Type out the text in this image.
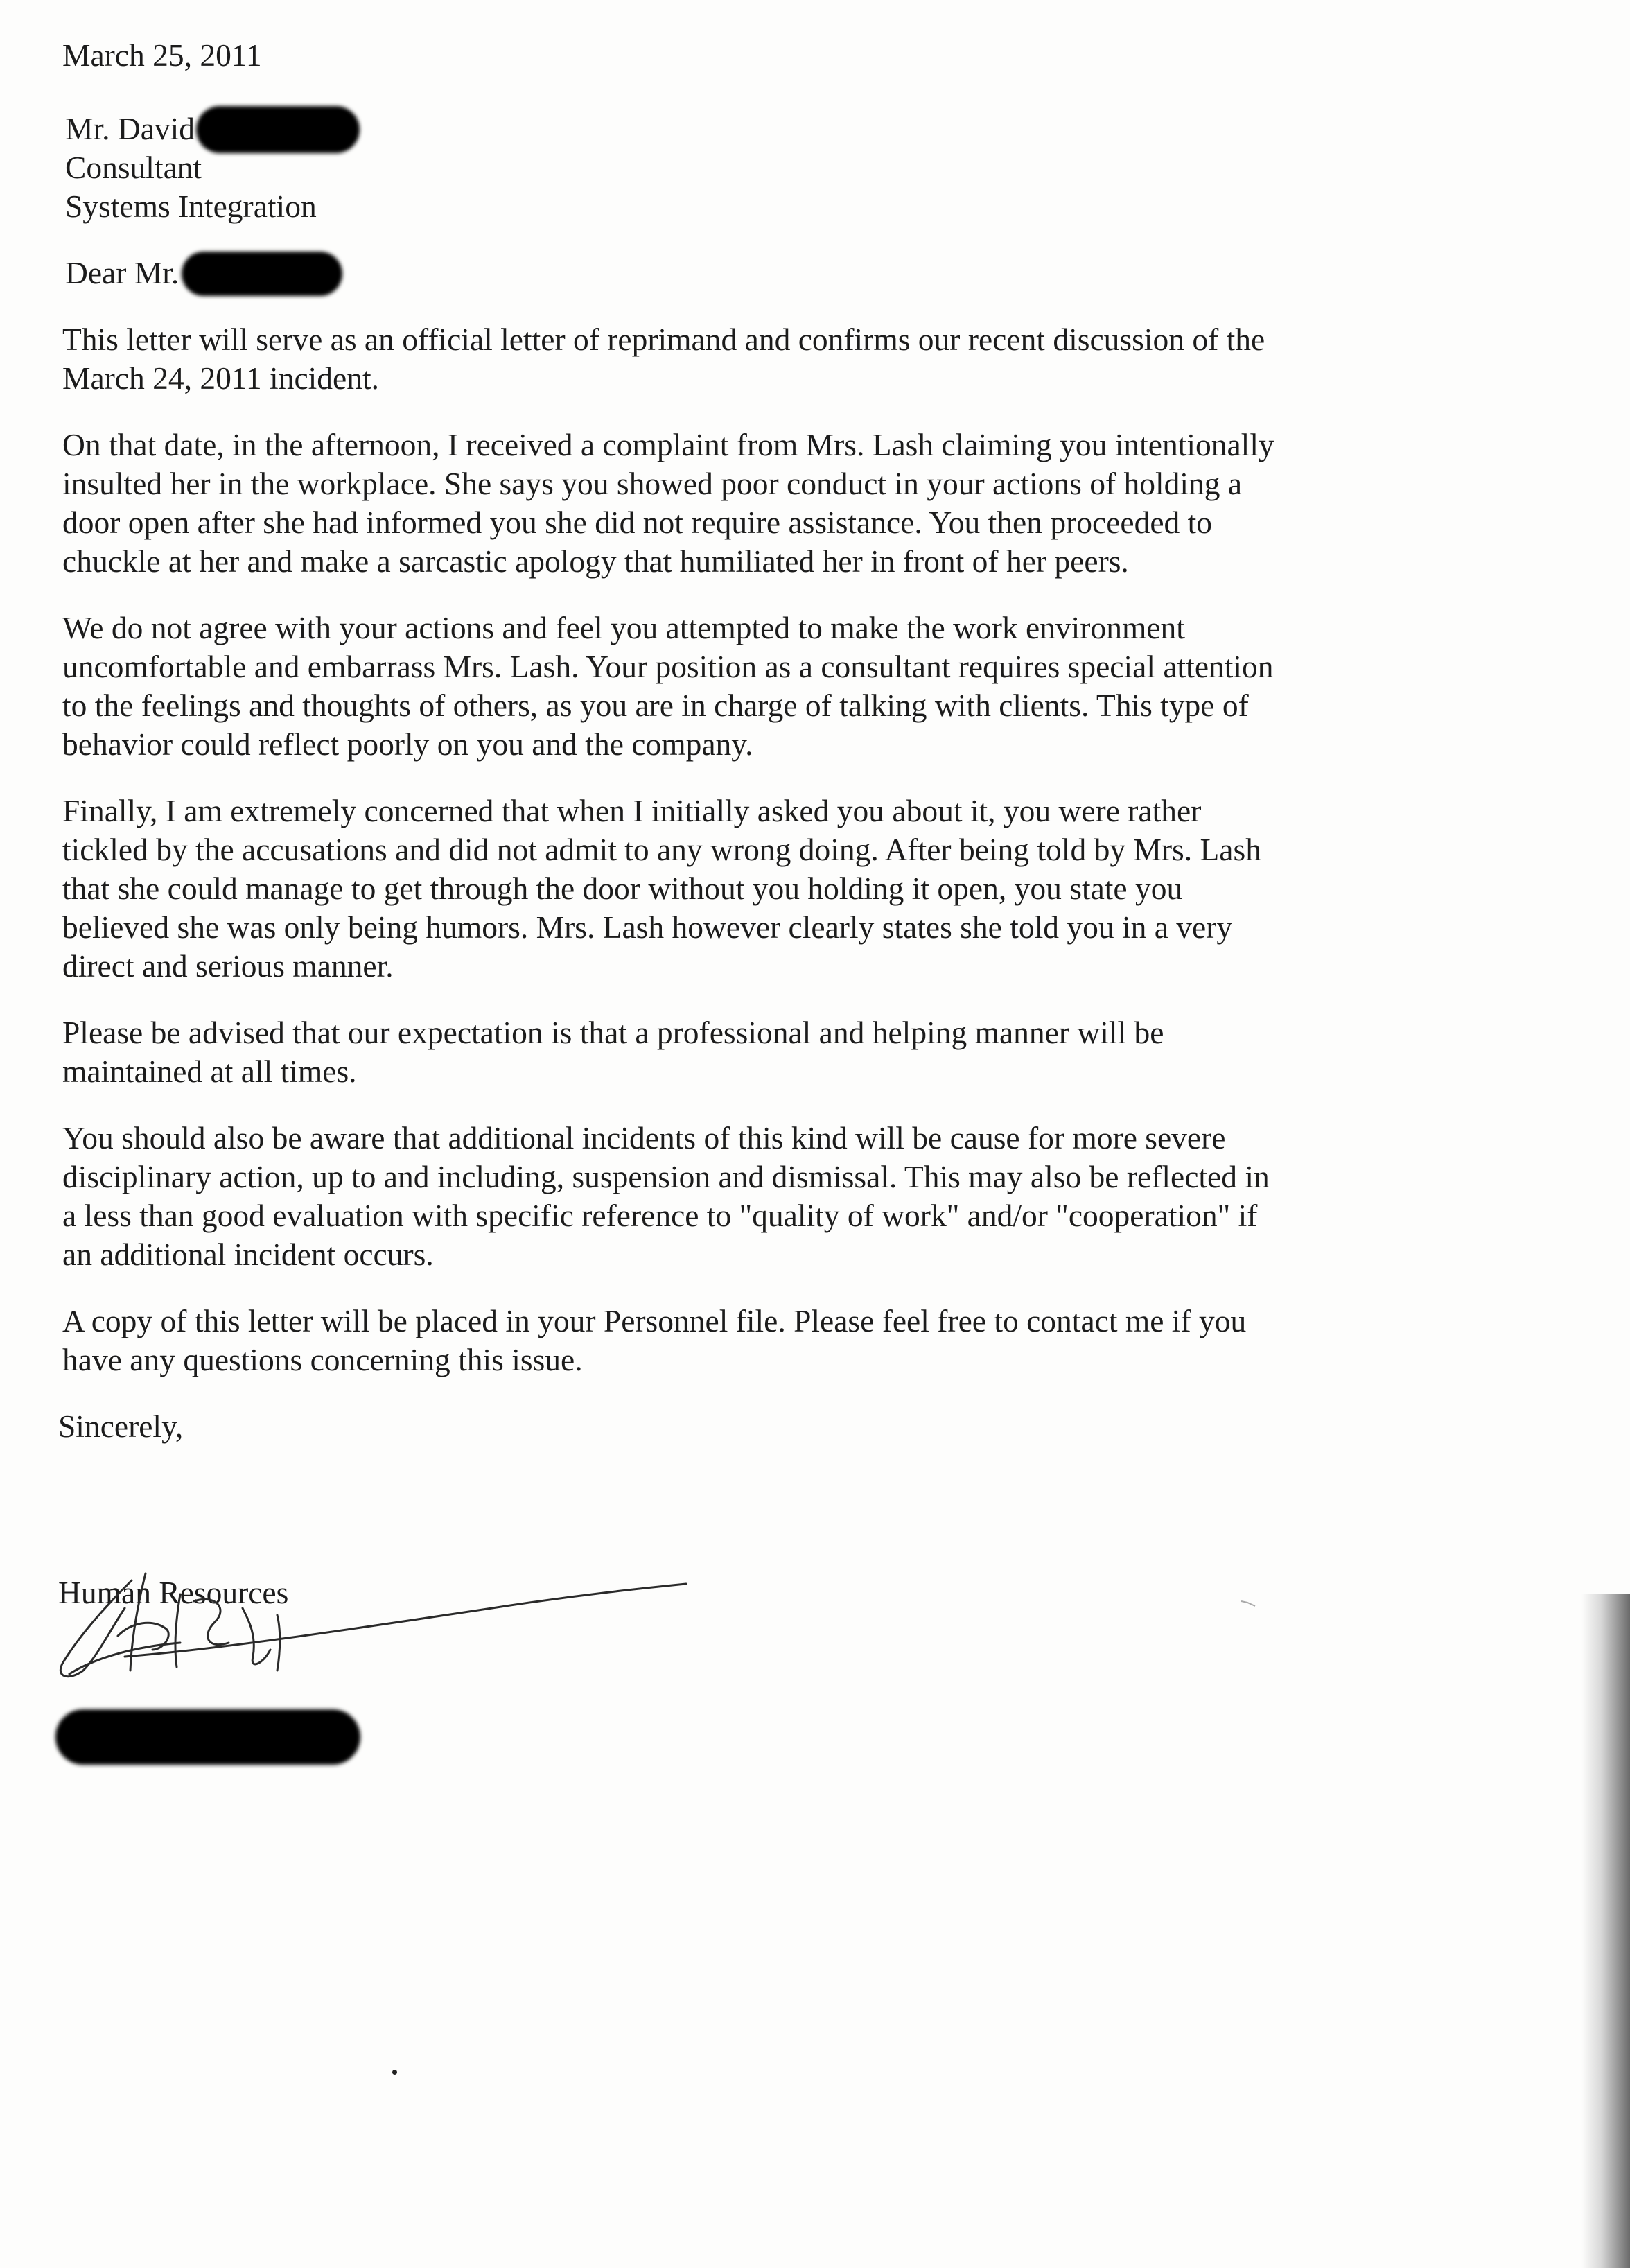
March 25, 2011
Mr. David
Consultant
Systems Integration
Dear Mr.
This letter will serve as an official letter of reprimand and confirms our recent discussion of the
March 24, 2011 incident.
On that date, in the afternoon, I received a complaint from Mrs. Lash claiming you intentionally
insulted her in the workplace. She says you showed poor conduct in your actions of holding a
door open after she had informed you she did not require assistance. You then proceeded to
chuckle at her and make a sarcastic apology that humiliated her in front of her peers.
We do not agree with your actions and feel you attempted to make the work environment
uncomfortable and embarrass Mrs. Lash. Your position as a consultant requires special attention
to the feelings and thoughts of others, as you are in charge of talking with clients. This type of
behavior could reflect poorly on you and the company.
Finally, I am extremely concerned that when I initially asked you about it, you were rather
tickled by the accusations and did not admit to any wrong doing. After being told by Mrs. Lash
that she could manage to get through the door without you holding it open, you state you
believed she was only being humors. Mrs. Lash however clearly states she told you in a very
direct and serious manner.
Please be advised that our expectation is that a professional and helping manner will be
maintained at all times.
You should also be aware that additional incidents of this kind will be cause for more severe
disciplinary action, up to and including, suspension and dismissal. This may also be reflected in
a less than good evaluation with specific reference to "quality of work" and/or "cooperation" if
an additional incident occurs.
A copy of this letter will be placed in your Personnel file. Please feel free to contact me if you
have any questions concerning this issue.
Sincerely,
Human Resources
